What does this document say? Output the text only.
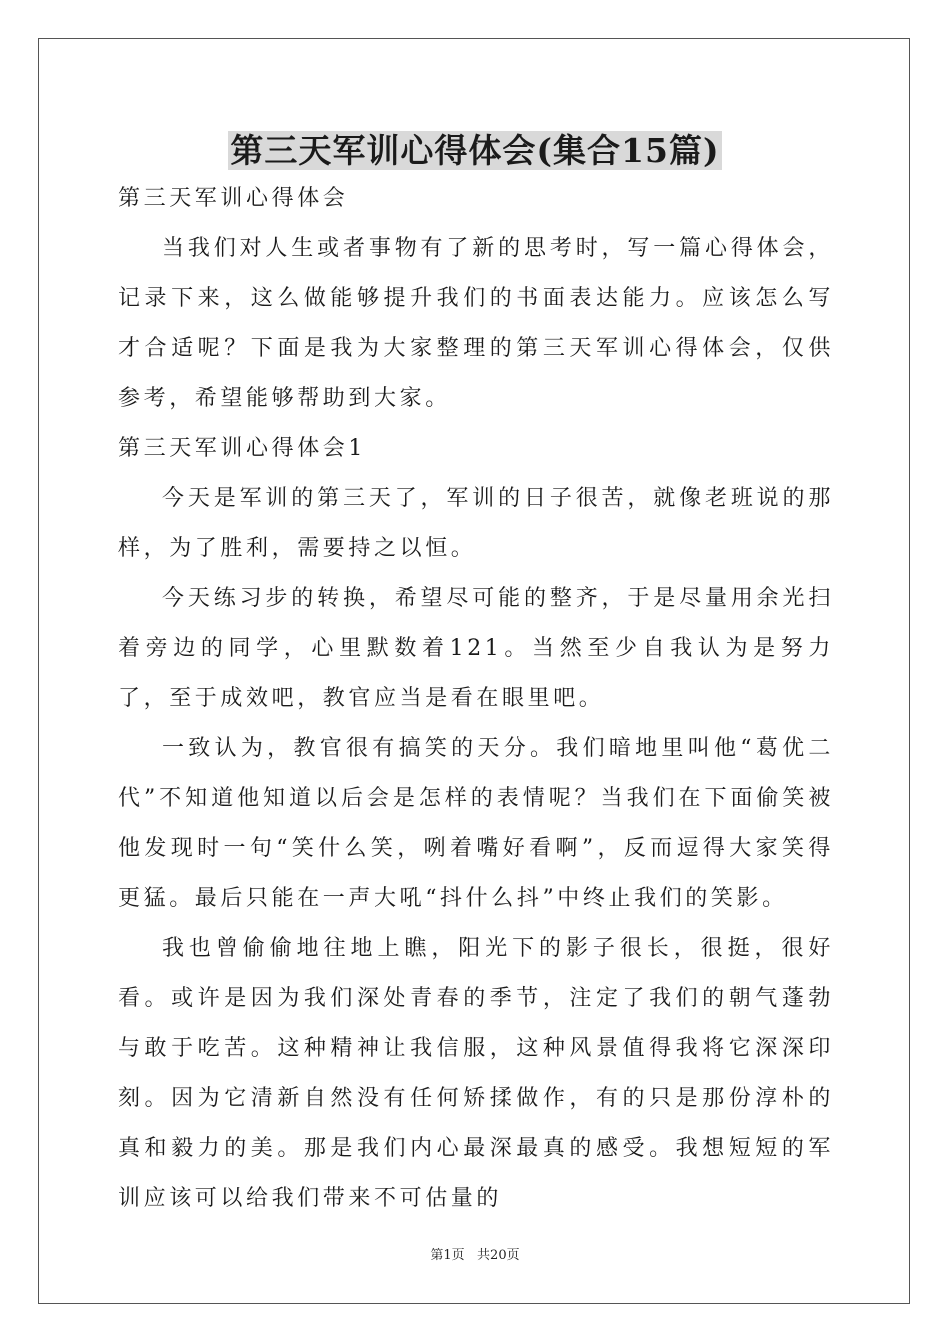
第三天军训心得体会(集合15篇)

第三天军训心得体会

当我们对人生或者事物有了新的思考时，写一篇心得体会，记录下来，这么做能够提升我们的书面表达能力。应该怎么写才合适呢？下面是我为大家整理的第三天军训心得体会，仅供参考，希望能够帮助到大家。

第三天军训心得体会1

今天是军训的第三天了，军训的日子很苦，就像老班说的那样，为了胜利，需要持之以恒。

今天练习步的转换，希望尽可能的整齐，于是尽量用余光扫着旁边的同学，心里默数着121。当然至少自我认为是努力了，至于成效吧，教官应当是看在眼里吧。

一致认为，教官很有搞笑的天分。我们暗地里叫他“葛优二代”不知道他知道以后会是怎样的表情呢？当我们在下面偷笑被他发现时一句“笑什么笑，咧着嘴好看啊”，反而逗得大家笑得更猛。最后只能在一声大吼“抖什么抖”中终止我们的笑影。

我也曾偷偷地往地上瞧，阳光下的影子很长，很挺，很好看。或许是因为我们深处青春的季节，注定了我们的朝气蓬勃与敢于吃苦。这种精神让我信服，这种风景值得我将它深深印刻。因为它清新自然没有任何矫揉做作，有的只是那份淳朴的真和毅力的美。那是我们内心最深最真的感受。我想短短的军训应该可以给我们带来不可估量的

第1页   共20页
